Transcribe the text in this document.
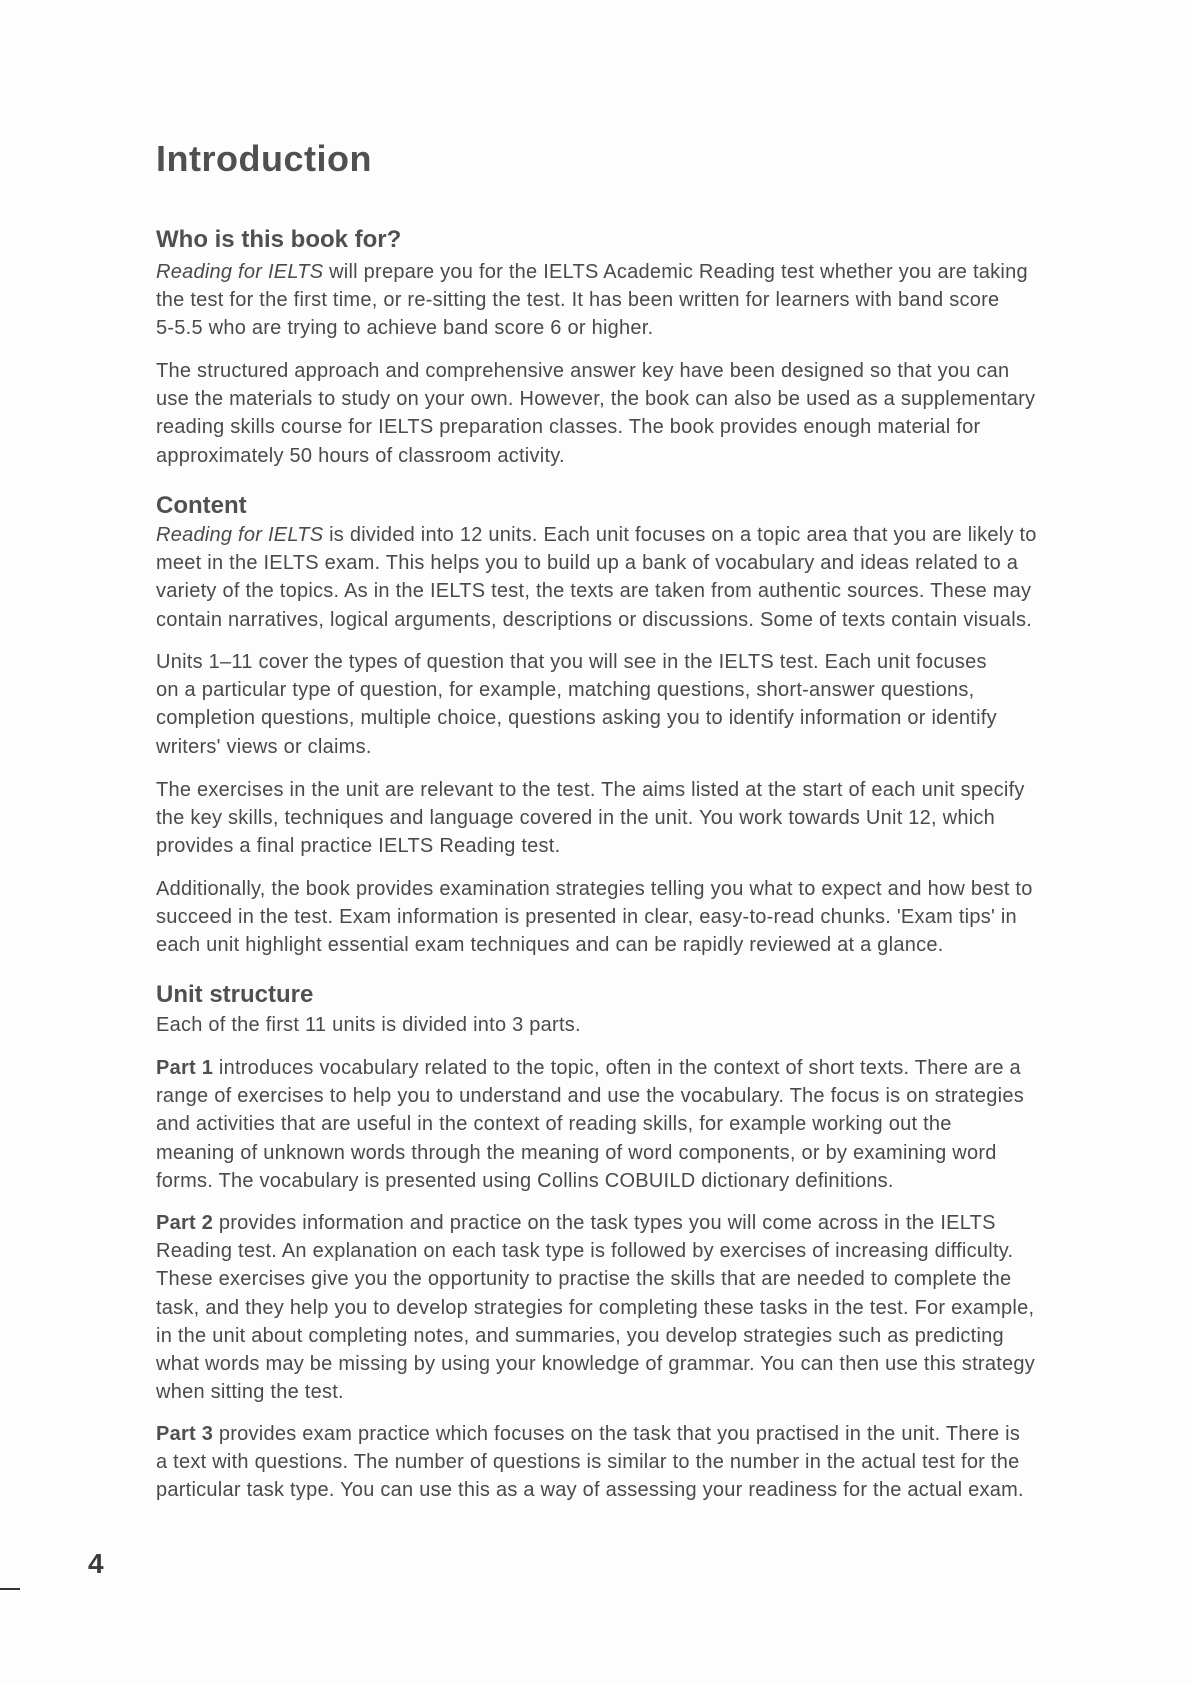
Introduction
Who is this book for?
Reading for IELTS will prepare you for the IELTS Academic Reading test whether you are taking
the test for the first time, or re-sitting the test. It has been written for learners with band score
5-5.5 who are trying to achieve band score 6 or higher.
The structured approach and comprehensive answer key have been designed so that you can
use the materials to study on your own. However, the book can also be used as a supplementary
reading skills course for IELTS preparation classes. The book provides enough material for
approximately 50 hours of classroom activity.
Content
Reading for IELTS is divided into 12 units. Each unit focuses on a topic area that you are likely to
meet in the IELTS exam. This helps you to build up a bank of vocabulary and ideas related to a
variety of the topics. As in the IELTS test, the texts are taken from authentic sources. These may
contain narratives, logical arguments, descriptions or discussions. Some of texts contain visuals.
Units 1–11 cover the types of question that you will see in the IELTS test. Each unit focuses
on a particular type of question, for example, matching questions, short-answer questions,
completion questions, multiple choice, questions asking you to identify information or identify
writers' views or claims.
The exercises in the unit are relevant to the test. The aims listed at the start of each unit specify
the key skills, techniques and language covered in the unit. You work towards Unit 12, which
provides a final practice IELTS Reading test.
Additionally, the book provides examination strategies telling you what to expect and how best to
succeed in the test. Exam information is presented in clear, easy-to-read chunks. 'Exam tips' in
each unit highlight essential exam techniques and can be rapidly reviewed at a glance.
Unit structure
Each of the first 11 units is divided into 3 parts.
Part 1 introduces vocabulary related to the topic, often in the context of short texts. There are a
range of exercises to help you to understand and use the vocabulary. The focus is on strategies
and activities that are useful in the context of reading skills, for example working out the
meaning of unknown words through the meaning of word components, or by examining word
forms. The vocabulary is presented using Collins COBUILD dictionary definitions.
Part 2 provides information and practice on the task types you will come across in the IELTS
Reading test. An explanation on each task type is followed by exercises of increasing difficulty.
These exercises give you the opportunity to practise the skills that are needed to complete the
task, and they help you to develop strategies for completing these tasks in the test. For example,
in the unit about completing notes, and summaries, you develop strategies such as predicting
what words may be missing by using your knowledge of grammar. You can then use this strategy
when sitting the test.
Part 3 provides exam practice which focuses on the task that you practised in the unit. There is
a text with questions. The number of questions is similar to the number in the actual test for the
particular task type. You can use this as a way of assessing your readiness for the actual exam.
4
